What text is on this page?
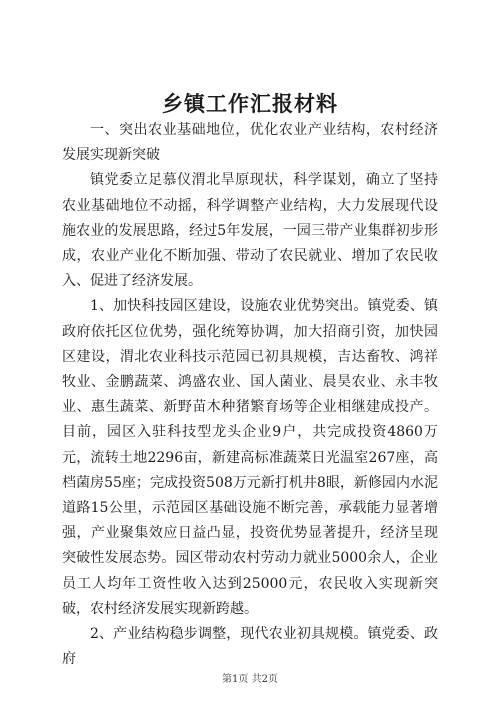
乡镇工作汇报材料

一、突出农业基础地位，优化农业产业结构，农村经济发展实现新突破

镇党委立足慕仪渭北旱原现状，科学谋划，确立了坚持农业基础地位不动摇，科学调整产业结构，大力发展现代设施农业的发展思路，经过5年发展，一园三带产业集群初步形成，农业产业化不断加强、带动了农民就业、增加了农民收入、促进了经济发展。

1、加快科技园区建设，设施农业优势突出。镇党委、镇政府依托区位优势，强化统筹协调，加大招商引资，加快园区建设，渭北农业科技示范园已初具规模，吉达畜牧、鸿祥牧业、金鹏蔬菜、鸿盛农业、国人菌业、晨昊农业、永丰牧业、惠生蔬菜、新野苗木种猪繁育场等企业相继建成投产。目前，园区入驻科技型龙头企业9户，共完成投资4860万元，流转土地2296亩，新建高标准蔬菜日光温室267座，高档菌房55座；完成投资508万元新打机井8眼，新修园内水泥道路15公里，示范园区基础设施不断完善，承载能力显著增强，产业聚集效应日益凸显，投资优势显著提升，经济呈现突破性发展态势。园区带动农村劳动力就业5000余人，企业员工人均年工资性收入达到25000元，农民收入实现新突破，农村经济发展实现新跨越。

2、产业结构稳步调整，现代农业初具规模。镇党委、政府

第1页 共2页
